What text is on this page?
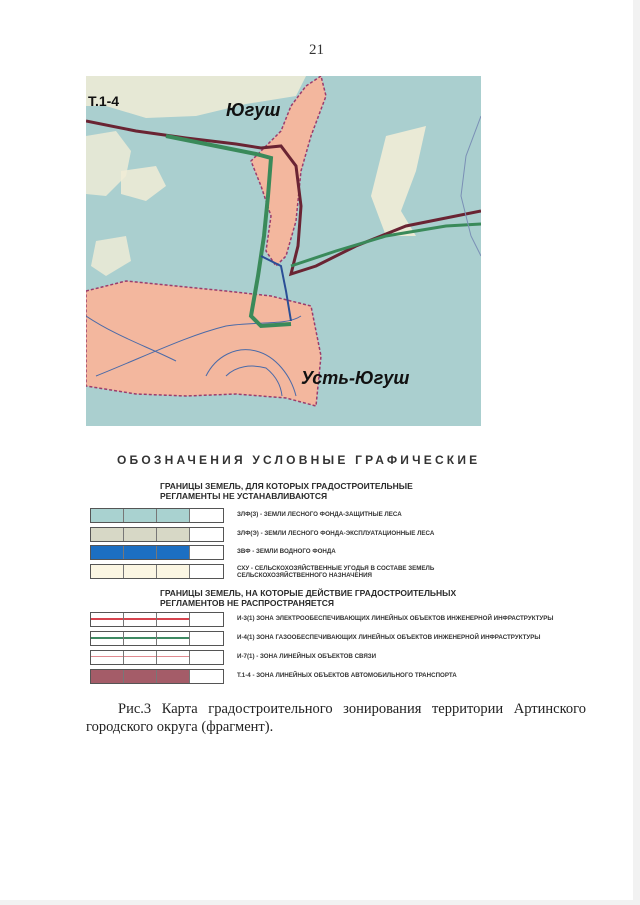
21
Т.1-4	Югуш
Усть-Югуш
ОБОЗНАЧЕНИЯ УСЛОВНЫЕ ГРАФИЧЕСКИЕ
ГРАНИЦЫ ЗЕМЕЛЬ, ДЛЯ КОТОРЫХ ГРАДОСТРОИТЕЛЬНЫЕ
РЕГЛАМЕНТЫ НЕ УСТАНАВЛИВАЮТСЯ
ЗЛФ(З) - ЗЕМЛИ ЛЕСНОГО ФОНДА-ЗАЩИТНЫЕ ЛЕСА
ЗЛФ(Э) - ЗЕМЛИ ЛЕСНОГО ФОНДА-ЭКСПЛУАТАЦИОННЫЕ ЛЕСА
ЗВФ - ЗЕМЛИ ВОДНОГО ФОНДА
СХУ - СЕЛЬСКОХОЗЯЙСТВЕННЫЕ УГОДЬЯ В СОСТАВЕ ЗЕМЕЛЬ
СЕЛЬСКОХОЗЯЙСТВЕННОГО НАЗНАЧЕНИЯ
ГРАНИЦЫ ЗЕМЕЛЬ, НА КОТОРЫЕ ДЕЙСТВИЕ ГРАДОСТРОИТЕЛЬНЫХ
РЕГЛАМЕНТОВ НЕ РАСПРОСТРАНЯЕТСЯ
И-3(1) ЗОНА ЭЛЕКТРООБЕСПЕЧИВАЮЩИХ ЛИНЕЙНЫХ ОБЪЕКТОВ ИНЖЕНЕРНОЙ ИНФРАСТРУКТУРЫ
И-4(1) ЗОНА ГАЗООБЕСПЕЧИВАЮЩИХ ЛИНЕЙНЫХ ОБЪЕКТОВ ИНЖЕНЕРНОЙ ИНФРАСТРУКТУРЫ
И-7(1) - ЗОНА ЛИНЕЙНЫХ ОБЪЕКТОВ СВЯЗИ
Т.1-4 - ЗОНА ЛИНЕЙНЫХ ОБЪЕКТОВ АВТОМОБИЛЬНОГО ТРАНСПОРТА
Рис.3 Карта градостроительного зонирования территории Артинского городского округа (фрагмент).
